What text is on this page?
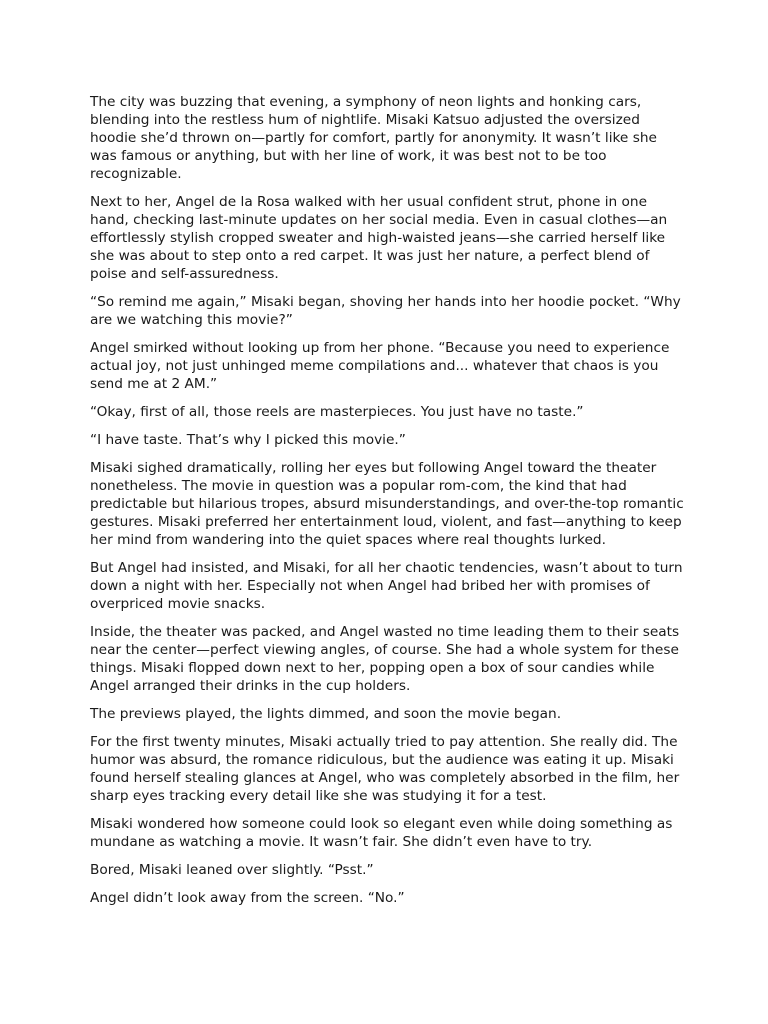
The city was buzzing that evening, a symphony of neon lights and honking cars, blending into the restless hum of nightlife. Misaki Katsuo adjusted the oversized hoodie she’d thrown on—partly for comfort, partly for anonymity. It wasn’t like she was famous or anything, but with her line of work, it was best not to be too recognizable.

Next to her, Angel de la Rosa walked with her usual confident strut, phone in one hand, checking last-minute updates on her social media. Even in casual clothes—an effortlessly stylish cropped sweater and high-waisted jeans—she carried herself like she was about to step onto a red carpet. It was just her nature, a perfect blend of poise and self-assuredness.

“So remind me again,” Misaki began, shoving her hands into her hoodie pocket. “Why are we watching this movie?”

Angel smirked without looking up from her phone. “Because you need to experience actual joy, not just unhinged meme compilations and... whatever that chaos is you send me at 2 AM.”

“Okay, first of all, those reels are masterpieces. You just have no taste.”

“I have taste. That’s why I picked this movie.”

Misaki sighed dramatically, rolling her eyes but following Angel toward the theater nonetheless. The movie in question was a popular rom-com, the kind that had predictable but hilarious tropes, absurd misunderstandings, and over-the-top romantic gestures. Misaki preferred her entertainment loud, violent, and fast—anything to keep her mind from wandering into the quiet spaces where real thoughts lurked.

But Angel had insisted, and Misaki, for all her chaotic tendencies, wasn’t about to turn down a night with her. Especially not when Angel had bribed her with promises of overpriced movie snacks.

Inside, the theater was packed, and Angel wasted no time leading them to their seats near the center—perfect viewing angles, of course. She had a whole system for these things. Misaki flopped down next to her, popping open a box of sour candies while Angel arranged their drinks in the cup holders.

The previews played, the lights dimmed, and soon the movie began.

For the first twenty minutes, Misaki actually tried to pay attention. She really did. The humor was absurd, the romance ridiculous, but the audience was eating it up. Misaki found herself stealing glances at Angel, who was completely absorbed in the film, her sharp eyes tracking every detail like she was studying it for a test.

Misaki wondered how someone could look so elegant even while doing something as mundane as watching a movie. It wasn’t fair. She didn’t even have to try.

Bored, Misaki leaned over slightly. “Psst.”

Angel didn’t look away from the screen. “No.”
